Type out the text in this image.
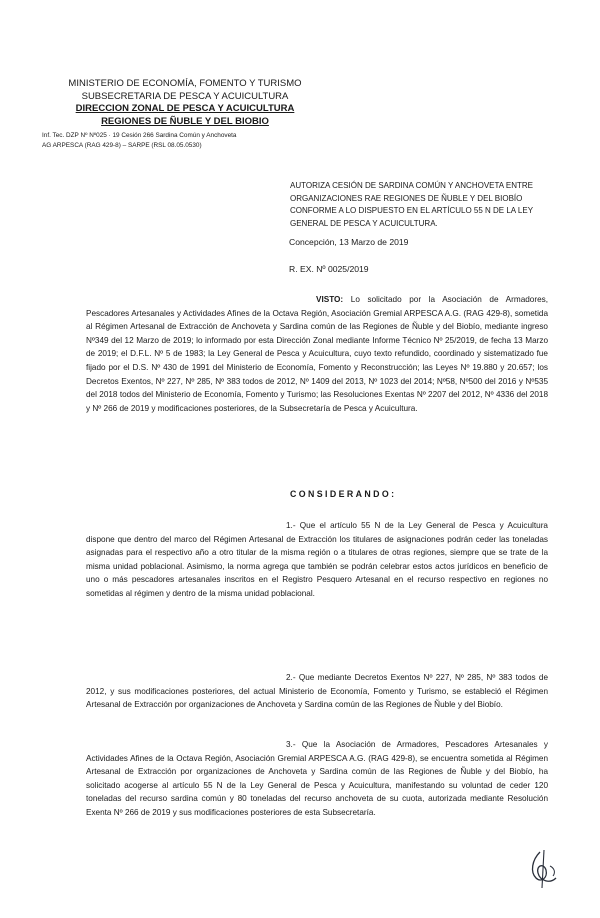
MINISTERIO DE ECONOMÍA, FOMENTO Y TURISMO
SUBSECRETARIA DE PESCA Y ACUICULTURA
DIRECCION ZONAL DE PESCA Y ACUICULTURA
REGIONES DE ÑUBLE Y DEL BIOBIO
Inf. Tec. DZP Nº Nº025 · 19 Cesión 266 Sardina Común y Anchoveta
AG ARPESCA (RAG 429-8) – SARPE (RSL 08.05.0530)
AUTORIZA CESIÓN DE SARDINA COMÚN Y ANCHOVETA ENTRE ORGANIZACIONES RAE REGIONES DE ÑUBLE Y DEL BIOBÍO CONFORME A LO DISPUESTO EN EL ARTÍCULO 55 N DE LA LEY GENERAL DE PESCA Y ACUICULTURA.
Concepción, 13 Marzo de 2019
R. EX. Nº 0025/2019
VISTO: Lo solicitado por la Asociación de Armadores, Pescadores Artesanales y Actividades Afines de la Octava Región, Asociación Gremial ARPESCA A.G. (RAG 429-8), sometida al Régimen Artesanal de Extracción de Anchoveta y Sardina común de las Regiones de Ñuble y del Biobío, mediante ingreso Nº349 del 12 Marzo de 2019; lo informado por esta Dirección Zonal mediante Informe Técnico Nº 25/2019, de fecha 13 Marzo de 2019; el D.F.L. Nº 5 de 1983; la Ley General de Pesca y Acuicultura, cuyo texto refundido, coordinado y sistematizado fue fijado por el D.S. Nº 430 de 1991 del Ministerio de Economía, Fomento y Reconstrucción; las Leyes Nº 19.880 y 20.657; los Decretos Exentos, Nº 227, Nº 285, Nº 383 todos de 2012, Nº 1409 del 2013, Nº 1023 del 2014; Nº58, Nº500 del 2016 y Nº535 del 2018 todos del Ministerio de Economía, Fomento y Turismo; las Resoluciones Exentas Nº 2207 del 2012, Nº 4336 del 2018 y Nº 266 de 2019 y modificaciones posteriores, de la Subsecretaría de Pesca y Acuicultura.
CONSIDERANDO:
1.- Que el artículo 55 N de la Ley General de Pesca y Acuicultura dispone que dentro del marco del Régimen Artesanal de Extracción los titulares de asignaciones podrán ceder las toneladas asignadas para el respectivo año a otro titular de la misma región o a titulares de otras regiones, siempre que se trate de la misma unidad poblacional. Asimismo, la norma agrega que también se podrán celebrar estos actos jurídicos en beneficio de uno o más pescadores artesanales inscritos en el Registro Pesquero Artesanal en el recurso respectivo en regiones no sometidas al régimen y dentro de la misma unidad poblacional.
2.- Que mediante Decretos Exentos Nº 227, Nº 285, Nº 383 todos de 2012, y sus modificaciones posteriores, del actual Ministerio de Economía, Fomento y Turismo, se estableció el Régimen Artesanal de Extracción por organizaciones de Anchoveta y Sardina común de las Regiones de Ñuble y del Biobío.
3.- Que la Asociación de Armadores, Pescadores Artesanales y Actividades Afines de la Octava Región, Asociación Gremial ARPESCA A.G. (RAG 429-8), se encuentra sometida al Régimen Artesanal de Extracción por organizaciones de Anchoveta y Sardina común de las Regiones de Ñuble y del Biobío, ha solicitado acogerse al artículo 55 N de la Ley General de Pesca y Acuicultura, manifestando su voluntad de ceder 120 toneladas del recurso sardina común y 80 toneladas del recurso anchoveta de su cuota, autorizada mediante Resolución Exenta Nº 266 de 2019 y sus modificaciones posteriores de esta Subsecretaría.
